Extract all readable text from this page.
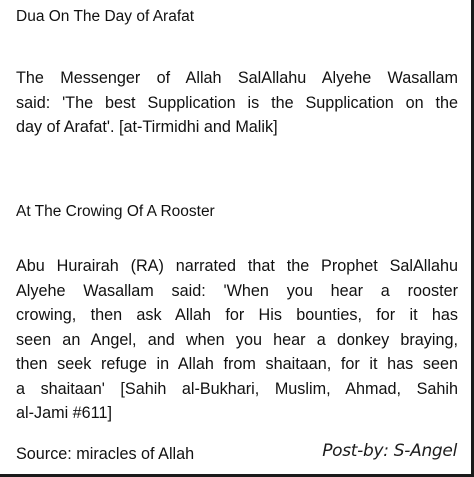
Dua On The Day of Arafat
The Messenger of Allah SalAllahu Alyehe Wasallam
said: 'The best Supplication is the Supplication on the
day of Arafat'. [at-Tirmidhi and Malik]
At The Crowing Of A Rooster
Abu Hurairah (RA) narrated that the Prophet SalAllahu
Alyehe Wasallam said: 'When you hear a rooster
crowing, then ask Allah for His bounties, for it has
seen an Angel, and when you hear a donkey braying,
then seek refuge in Allah from shaitaan, for it has seen
a shaitaan' [Sahih al-Bukhari, Muslim, Ahmad, Sahih
al-Jami #611]
Source: miracles of Allah	Post-by: S-Angel
